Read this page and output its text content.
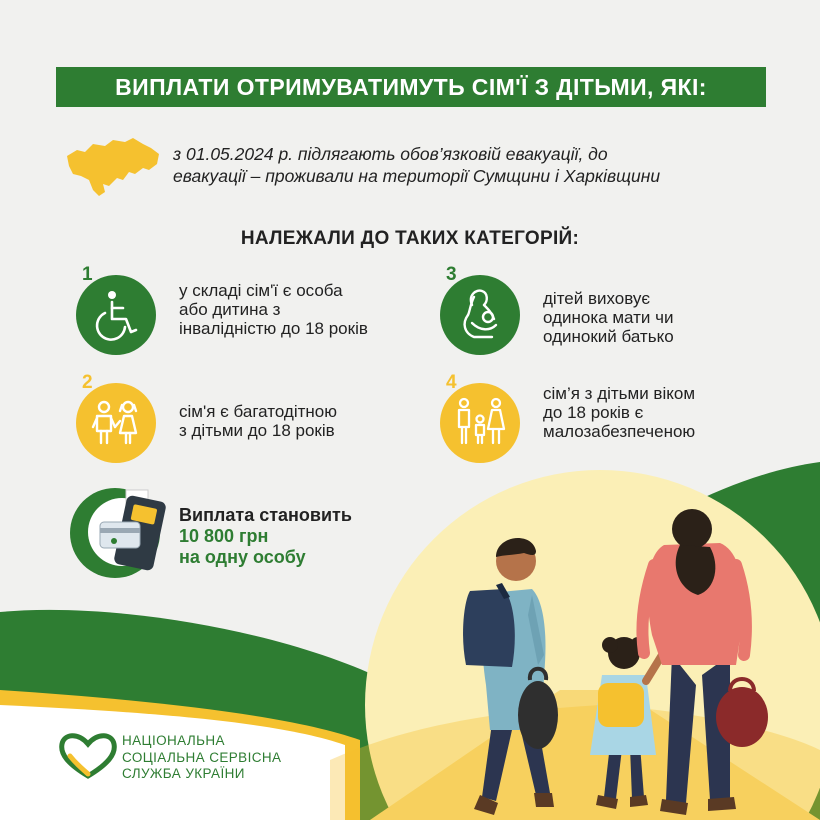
ВИПЛАТИ ОТРИМУВАТИМУТЬ СІМ'Ї З ДІТЬМИ, ЯКІ:
з 01.05.2024 р. підлягають обов’язковій евакуації, до
евакуації – проживали на території Сумщини і Харківщини
НАЛЕЖАЛИ ДО ТАКИХ КАТЕГОРІЙ:
1
у складі сім'ї є особа
або дитина з
інвалідністю до 18 років
2
сім'я є багатодітною
з дітьми до 18 років
3
дітей виховує
одинока мати чи
одинокий батько
4
сім’я з дітьми віком
до 18 років є
малозабезпеченою
Виплата становить
10 800 грн
на одну особу
НАЦІОНАЛЬНА
СОЦІАЛЬНА СЕРВІСНА
СЛУЖБА УКРАЇНИ
